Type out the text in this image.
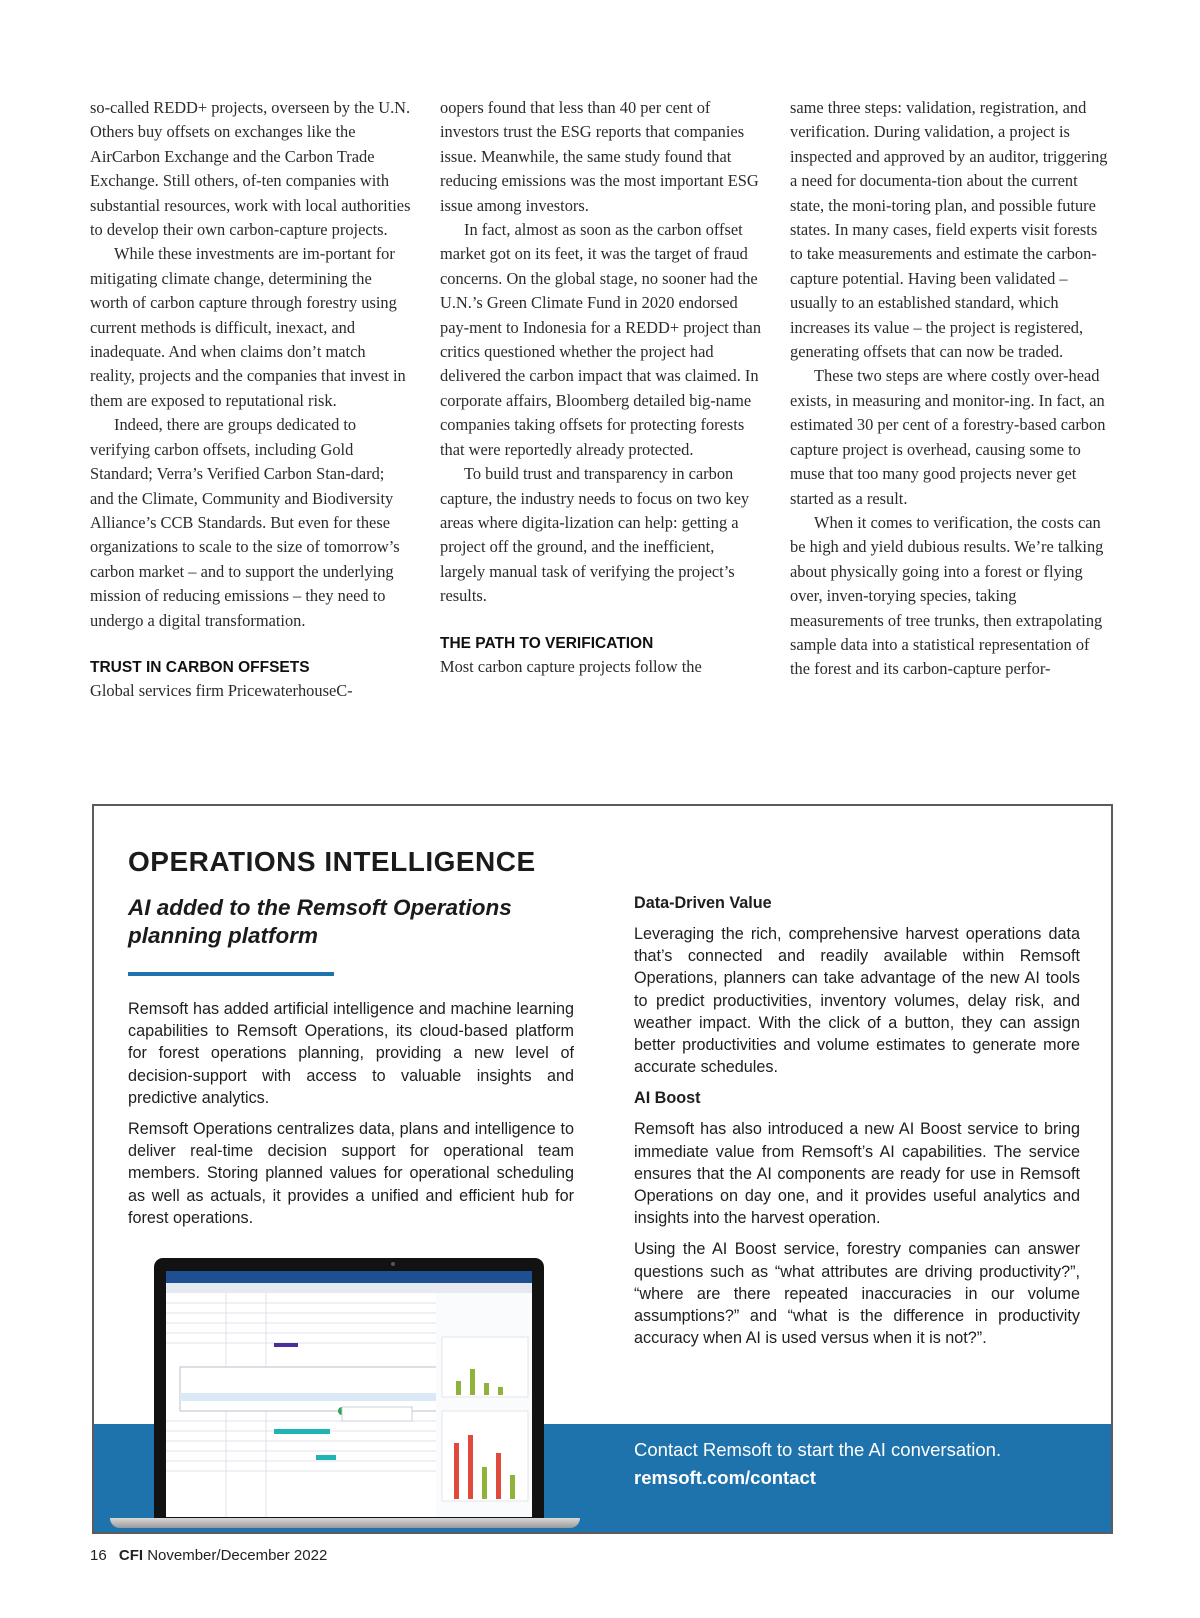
so-called REDD+ projects, overseen by the U.N. Others buy offsets on exchanges like the AirCarbon Exchange and the Carbon Trade Exchange. Still others, of-ten companies with substantial resources, work with local authorities to develop their own carbon-capture projects.

While these investments are im-portant for mitigating climate change, determining the worth of carbon capture through forestry using current methods is difficult, inexact, and inadequate. And when claims don’t match reality, projects and the companies that invest in them are exposed to reputational risk.

Indeed, there are groups dedicated to verifying carbon offsets, including Gold Standard; Verra’s Verified Carbon Stan-dard; and the Climate, Community and Biodiversity Alliance’s CCB Standards. But even for these organizations to scale to the size of tomorrow’s carbon market – and to support the underlying mission of reducing emissions – they need to undergo a digital transformation.

TRUST IN CARBON OFFSETS

Global services firm PricewaterhouseC-

oopers found that less than 40 per cent of investors trust the ESG reports that companies issue. Meanwhile, the same study found that reducing emissions was the most important ESG issue among investors.

In fact, almost as soon as the carbon offset market got on its feet, it was the target of fraud concerns. On the global stage, no sooner had the U.N.’s Green Climate Fund in 2020 endorsed pay-ment to Indonesia for a REDD+ project than critics questioned whether the project had delivered the carbon impact that was claimed. In corporate affairs, Bloomberg detailed big-name companies taking offsets for protecting forests that were reportedly already protected.

To build trust and transparency in carbon capture, the industry needs to focus on two key areas where digita-lization can help: getting a project off the ground, and the inefficient, largely manual task of verifying the project’s results.

THE PATH TO VERIFICATION

Most carbon capture projects follow the

same three steps: validation, registration, and verification. During validation, a project is inspected and approved by an auditor, triggering a need for documenta-tion about the current state, the moni-toring plan, and possible future states. In many cases, field experts visit forests to take measurements and estimate the carbon-capture potential. Having been validated – usually to an established standard, which increases its value – the project is registered, generating offsets that can now be traded.

These two steps are where costly over-head exists, in measuring and monitor-ing. In fact, an estimated 30 per cent of a forestry-based carbon capture project is overhead, causing some to muse that too many good projects never get started as a result.

When it comes to verification, the costs can be high and yield dubious results. We’re talking about physically going into a forest or flying over, inven-torying species, taking measurements of tree trunks, then extrapolating sample data into a statistical representation of the forest and its carbon-capture perfor-

OPERATIONS INTELLIGENCE
AI added to the Remsoft Operations planning platform

Remsoft has added artificial intelligence and machine learning capabilities to Remsoft Operations, its cloud-based platform for forest operations planning, providing a new level of decision-support with access to valuable insights and predictive analytics.

Remsoft Operations centralizes data, plans and intelligence to deliver real-time decision support for operational team members. Storing planned values for operational scheduling as well as actuals, it provides a unified and efficient hub for forest operations.

Data-Driven Value

Leveraging the rich, comprehensive harvest operations data that’s connected and readily available within Remsoft Operations, planners can take advantage of the new AI tools to predict productivities, inventory volumes, delay risk, and weather impact. With the click of a button, they can assign better productivities and volume estimates to generate more accurate schedules.

AI Boost

Remsoft has also introduced a new AI Boost service to bring immediate value from Remsoft’s AI capabilities. The service ensures that the AI components are ready for use in Remsoft Operations on day one, and it provides useful analytics and insights into the harvest operation.

Using the AI Boost service, forestry companies can answer questions such as “what attributes are driving productivity?”, “where are there repeated inaccuracies in our volume assumptions?” and “what is the difference in productivity accuracy when AI is used versus when it is not?”.

Contact Remsoft to start the AI conversation.
remsoft.com/contact
16 CFI November/December 2022
